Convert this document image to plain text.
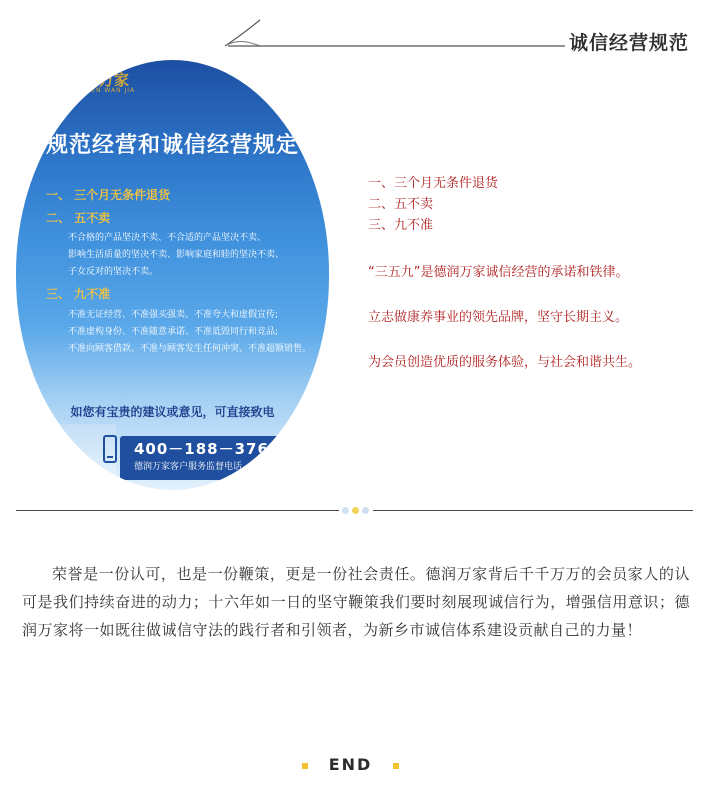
诚信经营规范
润万家
REN WAN JIA
规范经营和诚信经营规定
一、 三个月无条件退货
二、 五不卖
不合格的产品坚决不卖、不合适的产品坚决不卖、
影响生活质量的坚决不卖、影响家庭和睦的坚决不卖、
子女反对的坚决不卖。
三、 九不准
不准无证经营、不准强买强卖、不准夸大和虚假宣传;
不准虚构身份、不准随意承诺、不准诋毁同行和竞品;
不准向顾客借款、不准与顾客发生任何冲突、不准超额销售。
如您有宝贵的建议或意见，可直接致电
400－188－3767
德润万家客户服务监督电话
一、三个月无条件退货
二、五不卖
三、九不准
“三五九”是德润万家诚信经营的承诺和铁律。
立志做康养事业的领先品牌，坚守长期主义。
为会员创造优质的服务体验，与社会和谐共生。
荣誉是一份认可，也是一份鞭策，更是一份社会责任。德润万家背后千千万万的会员家人的认可是我们持续奋进的动力；十六年如一日的坚守鞭策我们要时刻展现诚信行为，增强信用意识；德润万家将一如既往做诚信守法的践行者和引领者，为新乡市诚信体系建设贡献自己的力量！
END
